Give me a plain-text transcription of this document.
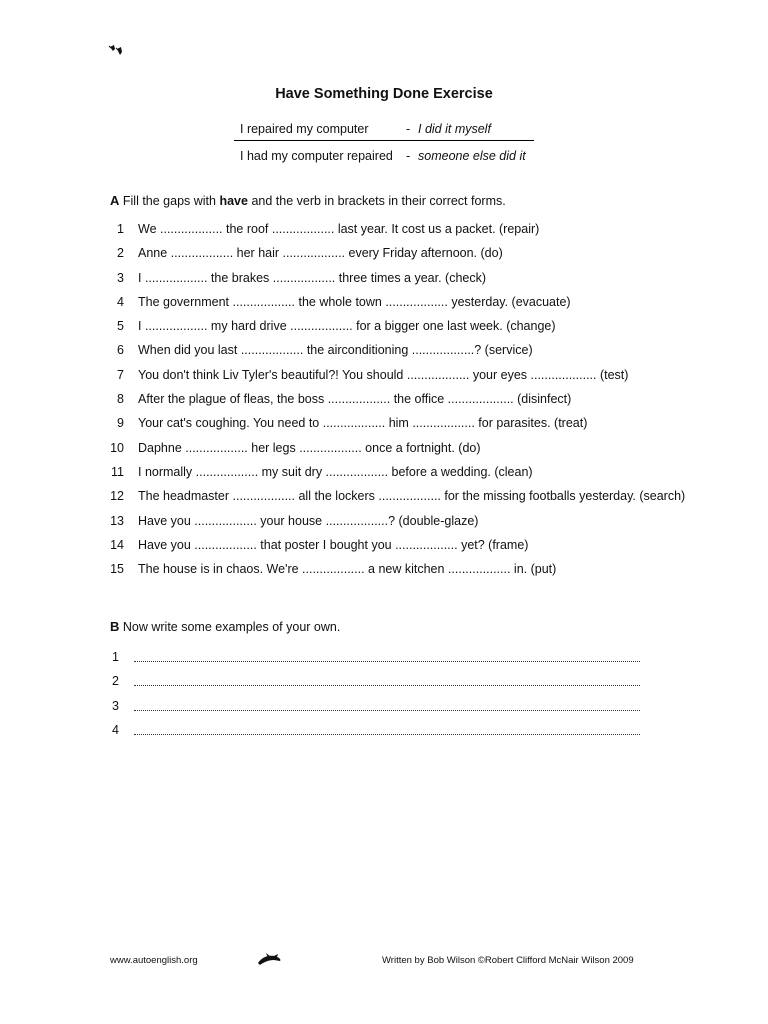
Have Something Done Exercise
I repaired my computer	- I did it myself
I had my computer repaired - someone else did it
A Fill the gaps with have and the verb in brackets in their correct forms.
1 We .................. the roof .................. last year. It cost us a packet. (repair)
2 Anne .................. her hair .................. every Friday afternoon. (do)
3 I .................. the brakes .................. three times a year. (check)
4 The government .................. the whole town .................. yesterday. (evacuate)
5 I .................. my hard drive .................. for a bigger one last week. (change)
6 When did you last .................. the airconditioning ..................? (service)
7 You don't think Liv Tyler's beautiful?! You should .................. your eyes ................... (test)
8 After the plague of fleas, the boss .................. the office ................... (disinfect)
9 Your cat's coughing. You need to .................. him .................. for parasites. (treat)
10 Daphne .................. her legs .................. once a fortnight. (do)
11 I normally .................. my suit dry .................. before a wedding. (clean)
12 The headmaster .................. all the lockers .................. for the missing footballs yesterday. (search)
13 Have you .................. your house ..................? (double-glaze)
14 Have you .................. that poster I bought you .................. yet? (frame)
15 The house is in chaos. We're .................. a new kitchen .................. in. (put)
B Now write some examples of your own.
1
2
3
4
www.autoenglish.org	Written by Bob Wilson ©Robert Clifford McNair Wilson 2009
